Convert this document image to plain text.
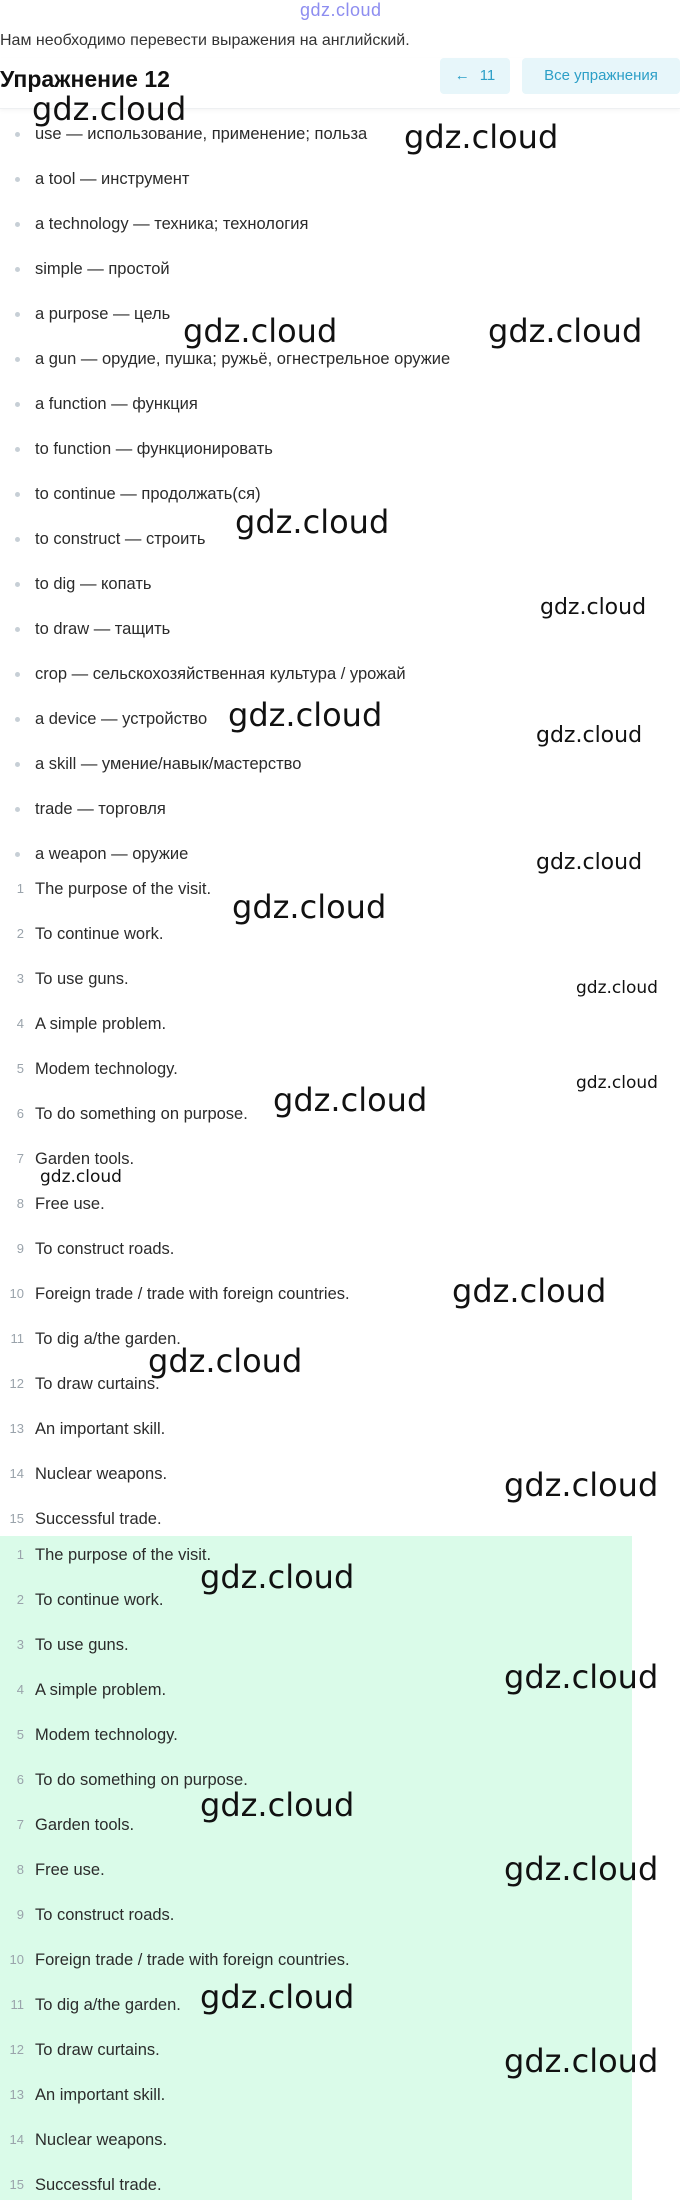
gdz.cloud
Нам необходимо перевести выражения на английский.
Упражнение 12	← 11	Все упражнения
use — использование, применение; польза
a tool — инструмент
a technology — техника; технология
simple — простой
a purpose — цель
a gun — орудие, пушка; ружьё, огнестрельное оружие
a function — функция
to function — функционировать
to continue — продолжать(ся)
to construct — строить
to dig — копать
to draw — тащить
crop — сельскохозяйственная культура / урожай
a device — устройство
a skill — умение/навык/мастерство
trade — торговля
a weapon — оружие
1 The purpose of the visit.
2 To continue work.
3 To use guns.
4 A simple problem.
5 Modem technology.
6 To do something on purpose.
7 Garden tools.
8 Free use.
9 To construct roads.
10 Foreign trade / trade with foreign countries.
11 To dig a/the garden.
12 To draw curtains.
13 An important skill.
14 Nuclear weapons.
15 Successful trade.
1 The purpose of the visit.
2 To continue work.
3 To use guns.
4 A simple problem.
5 Modem technology.
6 To do something on purpose.
7 Garden tools.
8 Free use.
9 To construct roads.
10 Foreign trade / trade with foreign countries.
11 To dig a/the garden.
12 To draw curtains.
13 An important skill.
14 Nuclear weapons.
15 Successful trade.
gdz.cloud
gdz.cloud
gdz.cloud	gdz.cloud
gdz.cloud
gdz.cloud
gdz.cloud
gdz.cloud
gdz.cloud
gdz.cloud
gdz.cloud
gdz.cloud	gdz.cloud
gdz.cloud
gdz.cloud
gdz.cloud
gdz.cloud
gdz.cloud
gdz.cloud
gdz.cloud
gdz.cloud
gdz.cloud
gdz.cloud
